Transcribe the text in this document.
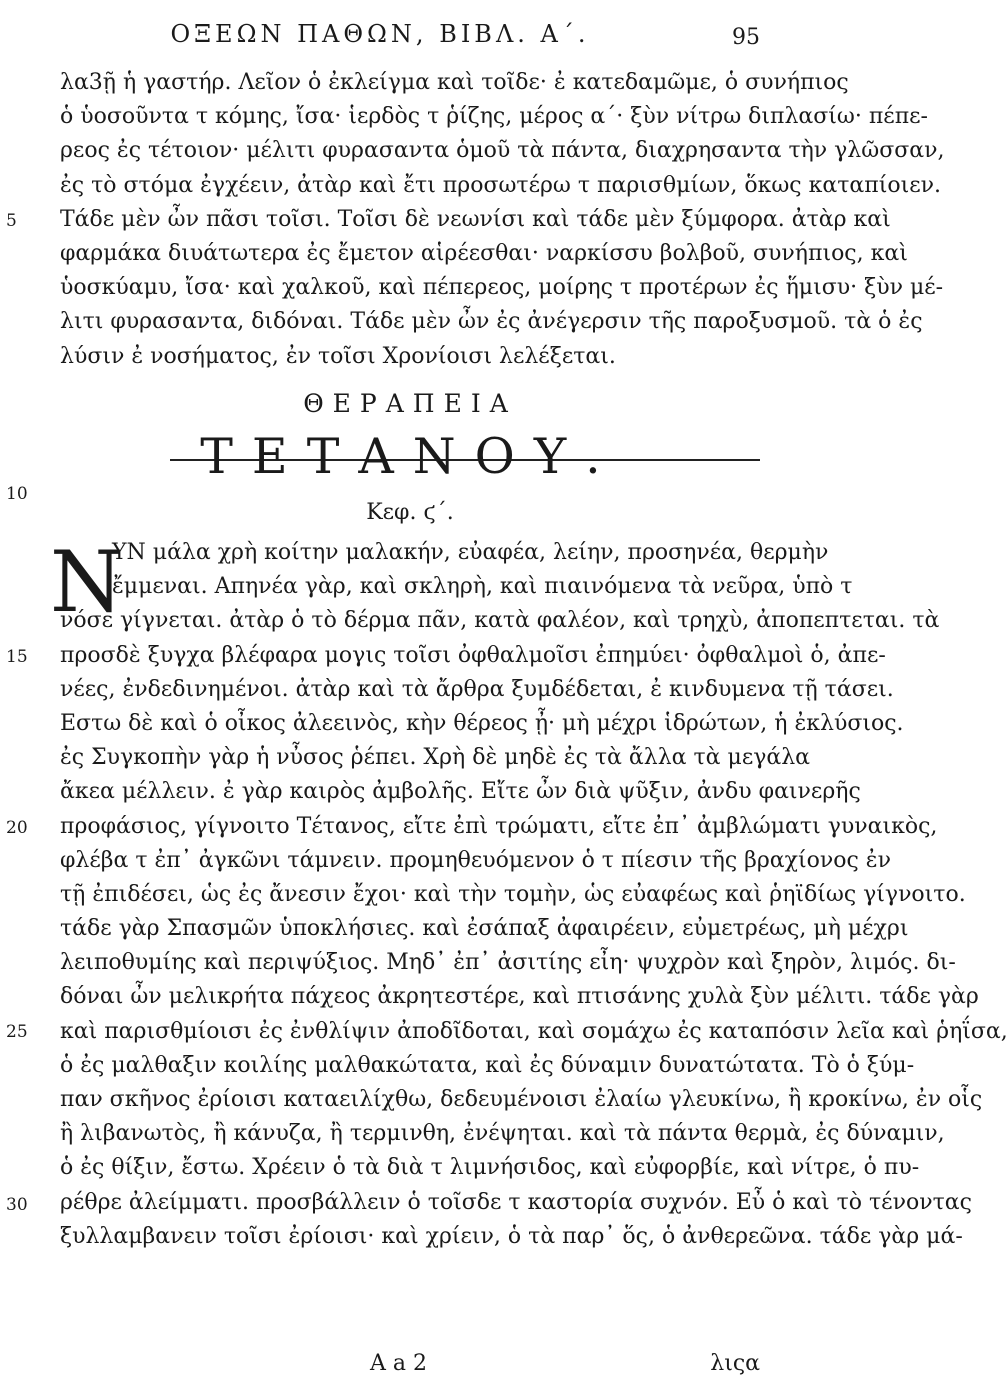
ΟΞΕΩΝ ΠΑΘΩΝ, ΒΙΒΛ. Α΄.	95
λα3ῇ ἡ γαστήρ. Λεῖον ὁ ἐκλείγμα καὶ τοῖδε· ἐ κατεδαμῶμε, ὁ συνήπιος
ὁ ὑοσοῦντα τ κόμης, ἴσα· ἱερδὸς τ ῥίζης, μέρος α΄· ξὺν νίτρω διπλασίω· πέπε-
ρεος ἐς τέτοιον· μέλιτι φυρασαντα ὁμοῦ τὰ πάντα, διαχρησαντα τὴν γλῶσσαν,
ἐς τὸ στόμα ἐγχέειν, ἀτὰρ καὶ ἔτι προσωτέρω τ παρισθμίων, ὅκως καταπίοιεν.
Τάδε μὲν ὦν πᾶσι τοῖσι. Τοῖσι δὲ νεωνίσι καὶ τάδε μὲν ξύμφορα. ἀτὰρ καὶ
φαρμάκα διυάτωτερα ἐς ἔμετον αἱρέεσθαι· ναρκίσσυ βολβοῦ, συνήπιος, καὶ
ὑοσκύαμυ, ἴσα· καὶ χαλκοῦ, καὶ πέπερεος, μοίρης τ προτέρων ἐς ἥμισυ· ξὺν μέ-
λιτι φυρασαντα, διδόναι. Τάδε μὲν ὦν ἐς ἀνέγερσιν τῆς παροξυσμοῦ. τὰ ὁ ἐς
λύσιν ἐ νοσήματος, ἐν τοῖσι Χρονίοισι λελέξεται.
5
10
15
20
25
30
ΘΕΡΑΠΕΙΑ
ΤΕΤΑΝΟΥ.
Κεφ. ϛ΄.
N
ΥΝ μάλα χρὴ κοίτην μαλακήν, εὐαφέα, λείην, προσηνέα, θερμὴν
ἔμμεναι. Απηνέα γὰρ, καὶ σκληρὴ, καὶ πιαινόμενα τὰ νεῦρα, ὑπὸ τ
νόσε γίγνεται. ἀτὰρ ὁ τὸ δέρμα πᾶν, κατὰ φαλέον, καὶ τρηχὺ, ἀποπεπτεται. τὰ
προσδὲ ξυγχα βλέφαρα μογις τοῖσι ὀφθαλμοῖσι ἐπημύει· ὀφθαλμοὶ ὁ, ἀπε-
νέες, ἐνδεδινημένοι. ἀτὰρ καὶ τὰ ἄρθρα ξυμδέδεται, ἐ κινδυμενα τῇ τάσει.
Εστω δὲ καὶ ὁ οἶκος ἀλεεινὸς, κὴν θέρεος ᾖ· μὴ μέχρι ἱδρώτων, ἡ ἐκλύσιος.
ἐς Συγκοπὴν γὰρ ἡ νὖσος ῥέπει. Χρὴ δὲ μηδὲ ἐς τὰ ἄλλα τὰ μεγάλα
ἄκεα μέλλειν. ἐ γὰρ καιρὸς ἀμβολῆς. Εἴτε ὦν διὰ ψῦξιν, ἀνδυ φαινερῆς
προφάσιος, γίγνοιτο Τέτανος, εἴτε ἐπὶ τρώματι, εἴτε ἐπ᾽ ἀμβλώματι γυναικὸς,
φλέβα τ ἐπ᾽ ἀγκῶνι τάμνειν. προμηθευόμενον ὁ τ πίεσιν τῆς βραχίονος ἐν
τῇ ἐπιδέσει, ὡς ἐς ἄνεσιν ἔχοι· καὶ τὴν τομὴν, ὡς εὐαφέως καὶ ῥηϊδίως γίγνοιτο.
τάδε γὰρ Σπασμῶν ὑποκλήσιες. καὶ ἐσάπαξ ἀφαιρέειν, εὐμετρέως, μὴ μέχρι
λειποθυμίης καὶ περιψύξιος. Μηδ᾽ ἐπ᾽ ἀσιτίης εἶη· ψυχρὸν καὶ ξηρὸν, λιμός. δι-
δόναι ὦν μελικρήτα πάχεος ἀκρητεστέρε, καὶ πτισάνης χυλὰ ξὺν μέλιτι. τάδε γὰρ
καὶ παρισθμίοισι ἐς ἐνθλίψιν ἀποδῖδοται, καὶ σομάχω ἐς καταπόσιν λεῖα καὶ ῥηΐσα,
ὁ ἐς μαλθαξιν κοιλίης μαλθακώτατα, καὶ ἐς δύναμιν δυνατώτατα. Τὸ ὁ ξύμ-
παν σκῆνος ἐρίοισι καταειλίχθω, δεδευμένοισι ἐλαίω γλευκίνω, ἢ κροκίνω, ἐν οἷς
ἢ λιβανωτὸς, ἢ κάνυζα, ἢ τερμινθη, ἐνέψηται. καὶ τὰ πάντα θερμὰ, ἐς δύναμιν,
ὁ ἐς θίξιν, ἔστω. Χρέειν ὁ τὰ διὰ τ λιμνήσιδος, καὶ εὐφορβίε, καὶ νίτρε, ὁ πυ-
ρέθρε ἀλείμματι. προσβάλλειν ὁ τοῖσδε τ καστορία συχνόν. Εὖ ὁ καὶ τὸ τένοντας
ξυλλαμβανειν τοῖσι ἐρίοισι· καὶ χρίειν, ὁ τὰ παρ᾽ ὅς, ὁ ἀνθερεῶνα. τάδε γὰρ μά-
Α a 2	λιςα
